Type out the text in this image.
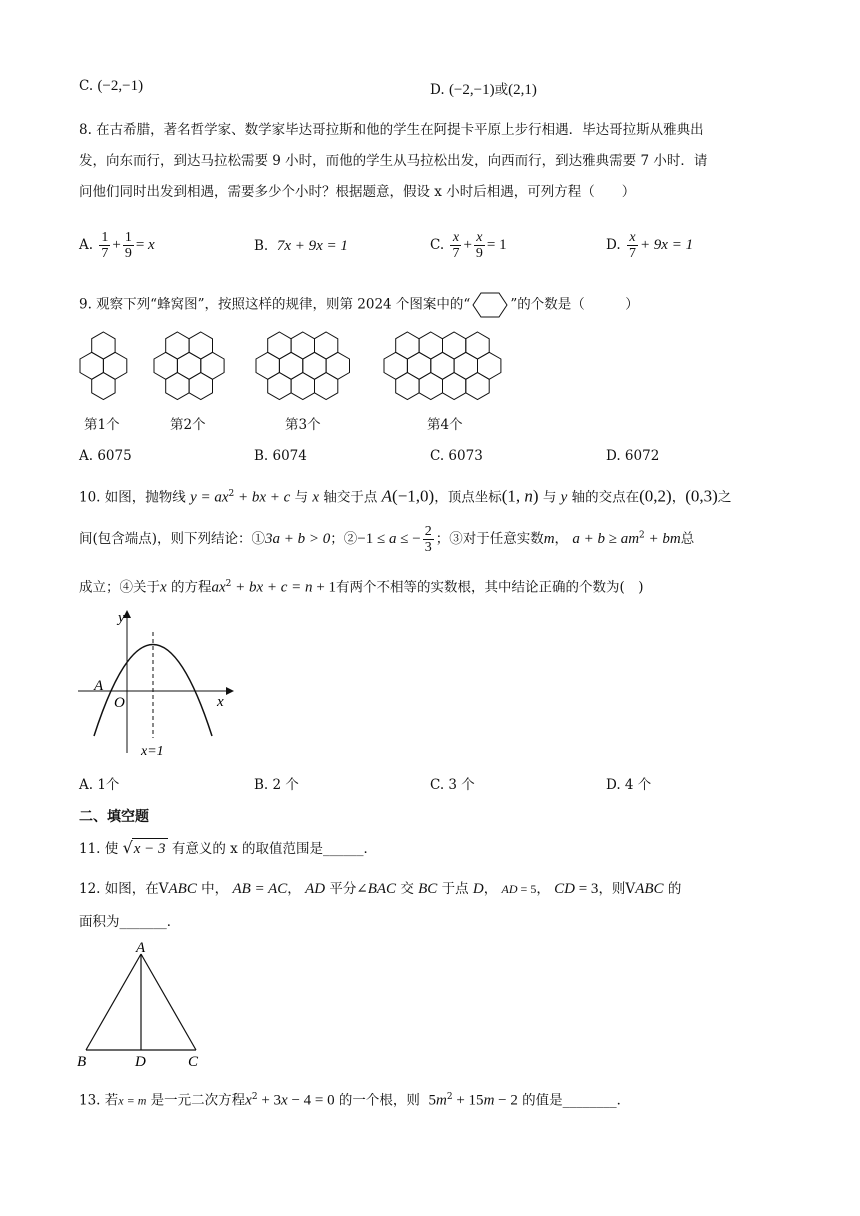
C. (−2,−1)	D. (−2,−1)或(2,1)
8. 在古希腊，著名哲学家、数学家毕达哥拉斯和他的学生在阿提卡平原上步行相遇．毕达哥拉斯从雅典出
发，向东而行，到达马拉松需要 9 小时，而他的学生从马拉松出发，向西而行，到达雅典需要 7 小时．请
问他们同时出发到相遇，需要多少个小时？根据题意，假设 x 小时后相遇，可列方程（　　）
A. $\frac{1}{7} + \frac{1}{9} = x$	B. 7x + 9x = 1	C. $\frac{x}{7} + \frac{x}{9} = 1$	D. $\frac{x}{7} + 9x = 1$
9. 观察下列“蜂窝图”，按照这样的规律，则第 2024 个图案中的“	”的个数是（　　　）
第1个	第2个	第3个	第4个
A. 6075	B. 6074	C. 6073	D. 6072
10. 如图，抛物线 $y = ax^2$ + bx + c 与 x 轴交于点 A(−1,0)，顶点坐标(1, n) 与 y 轴的交点在(0,2)，(0,3)之
间(包含端点)，则下列结论：①3a + b > 0；②−1 ≤ a ≤ − $\frac{2}{3}$ ；③对于任意实数m， $a + b \ge am^2$ + bm总
成立；④关于x 的方程$ax^2$ + bx + c = n + 1有两个不相等的实数根，其中结论正确的个数为(　)
y
x
A
O
x=1
A. 1个	B. 2 个	C. 3 个	D. 4 个
二、填空题
11. 使 √x − 3 有意义的 x 的取值范围是______．
12. 如图，在VABC 中， AB = AC， AD 平分∠BAC 交 BC 于点 D， AD = 5， CD = 3，则VABC 的
面积为_______．
A
B	D	C
13. 若x = m 是一元二次方程$x^2 + 3x - 4 = 0$ 的一个根，则 $5m^2 + 15m - 2$ 的值是________．
